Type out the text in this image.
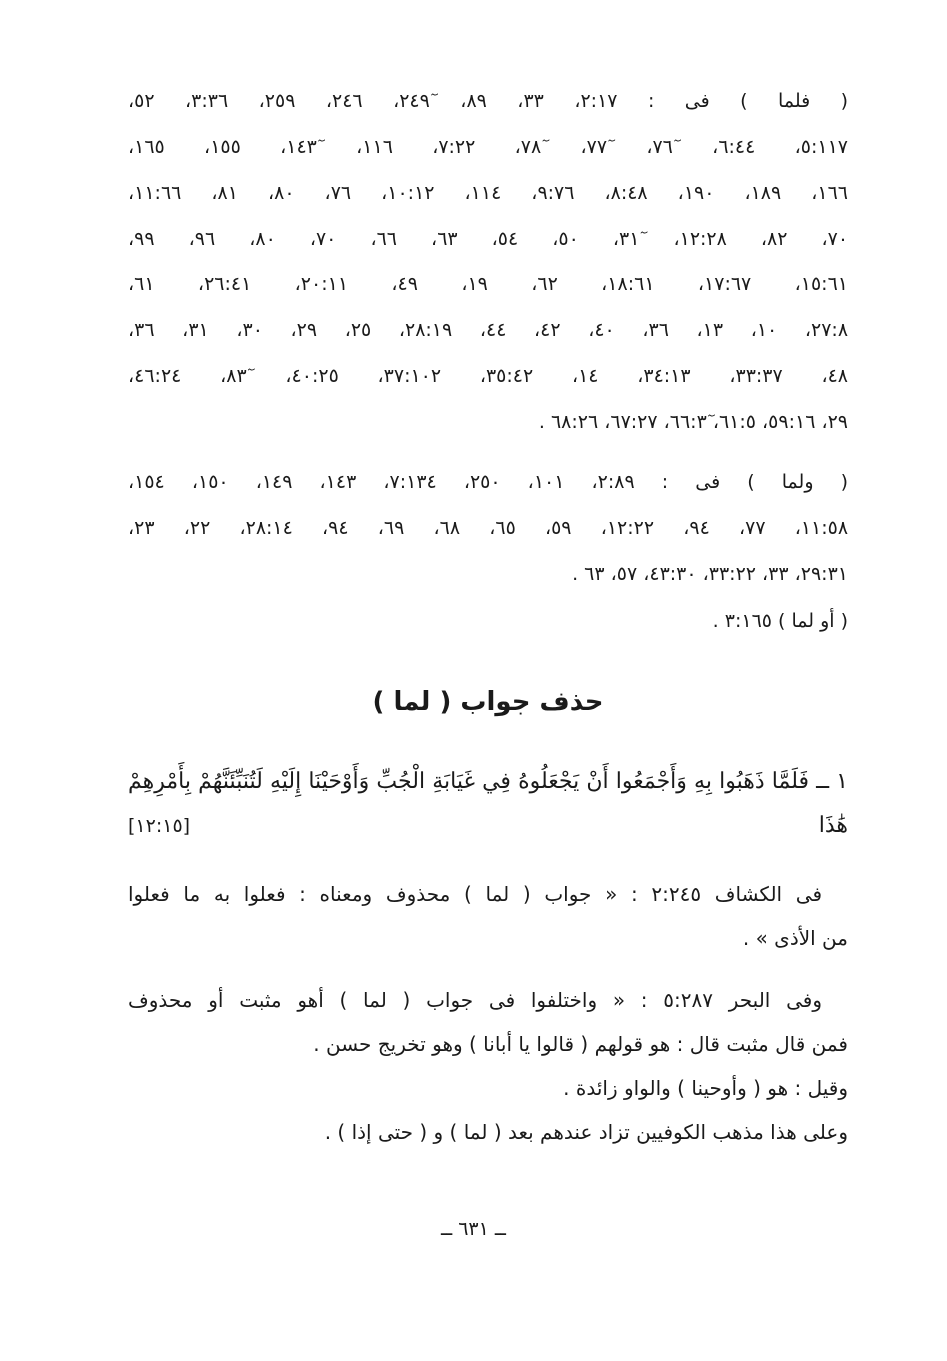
( فلما ) فى : ٢:١٧، ٣٣، ٨٩، ٢٤٩ٓ، ٢٤٦، ٢٥٩، ٣:٣٦، ٥٢،
٥:١١٧، ٦:٤٤، ٧٦ٓ، ٧٧ٓ، ٧٨ٓ، ٧:٢٢، ١١٦، ١٤٣ٓ، ١٥٥، ١٦٥،
١٦٦، ١٨٩، ١٩٠، ٨:٤٨، ٩:٧٦، ١١٤، ١٠:١٢، ٧٦، ٨٠، ٨١، ١١:٦٦،
٧٠، ٨٢، ١٢:٢٨، ٣١ٓ، ٥٠، ٥٤، ٦٣، ٦٦، ٧٠، ٨٠، ٩٦، ٩٩،
١٥:٦١، ١٧:٦٧، ١٨:٦١، ٦٢، ١٩، ٤٩، ٢٠:١١، ٢٦:٤١، ٦١،
٢٧:٨، ١٠، ١٣، ٣٦، ٤٠، ٤٢، ٤٤، ٢٨:١٩، ٢٥، ٢٩، ٣٠، ٣١، ٣٦،
٤٨، ٣٣:٣٧، ٣٤:١٣، ١٤، ٣٥:٤٢، ٣٧:١٠٢، ٤٠:٢٥، ٨٣ٓ، ٤٦:٢٤،
٢٩ٓ، ٥٩:١٦، ٦١:٥، ٦٦:٣ٓ، ٦٧:٢٧، ٦٨:٢٦ .
( ولما ) فى : ٢:٨٩، ١٠١، ٢٥٠، ٧:١٣٤، ١٤٣، ١٤٩، ١٥٠، ١٥٤،
١١:٥٨، ٧٧، ٩٤، ١٢:٢٢، ٥٩، ٦٥، ٦٨، ٦٩، ٩٤، ٢٨:١٤، ٢٢، ٢٣،
٢٩:٣١، ٣٣، ٣٣:٢٢، ٤٣:٣٠، ٥٧، ٦٣ .
( أو لما ) ٣:١٦٥ .
حذف جواب ( لما )
١ ــ فَلَمَّا ذَهَبُوا بِهِ وَأَجْمَعُوا أَنْ يَجْعَلُوهُ فِي غَيَابَةِ الْجُبِّ وَأَوْحَيْنَا إِلَيْهِ لَتُنَبِّئَنَّهُمْ بِأَمْرِهِمْ
هَٰذَا
[١٢:١٥]
فى الكشاف ٢:٢٤٥ : « جواب ( لما ) محذوف ومعناه : فعلوا به ما فعلوا
من الأذى » .
وفى البحر ٥:٢٨٧ : « واختلفوا فى جواب ( لما ) أهو مثبت أو محذوف
فمن قال مثبت قال : هو قولهم ( قالوا يا أبانا ) وهو تخريج حسن .
وقيل : هو ( وأوحينا ) والواو زائدة .
وعلى هذا مذهب الكوفيين تزاد عندهم بعد ( لما ) و ( حتى إذا ) .
ــ ٦٣١ ــ
